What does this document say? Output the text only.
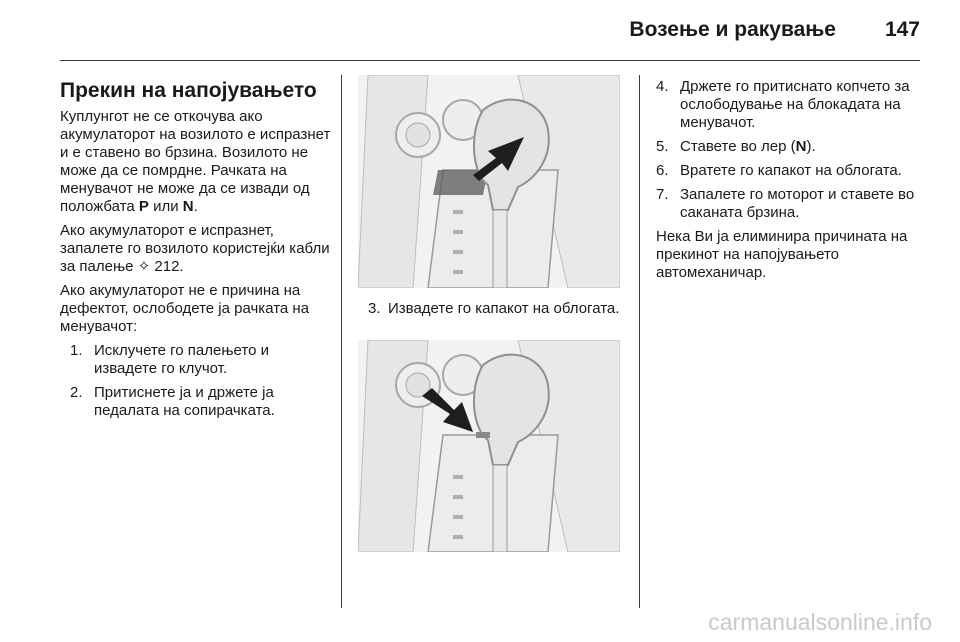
Возење и ракување 147
Прекин на напојувањето

Куплунгот не се откочува ако акумулаторот на возилото е испразнет и е ставено во брзина. Возилото не може да се помрдне. Рачката на менувачот не може да се извади од положбата P или N.

Ако акумулаторот е испразнет, запалете го возилото користејќи кабли за палење ✧ 212.

Ако акумулаторот не е причина на дефектот, ослободете ја рачката на менувачот:

1. Исклучете го палењето и извадете го клучот.
2. Притиснете ја и држете ја педалата на сопирачката.
3. Извадете го капакот на облогата.
4. Држете го притиснато копчето за ослободување на блокадата на менувачот.
5. Ставете во лер (N).
6. Вратете го капакот на облогата.
7. Запалете го моторот и ставете во саканата брзина.

Нека Ви ја елиминира причината на прекинот на напојувањето автомеханичар.

carmanualsonline.info
